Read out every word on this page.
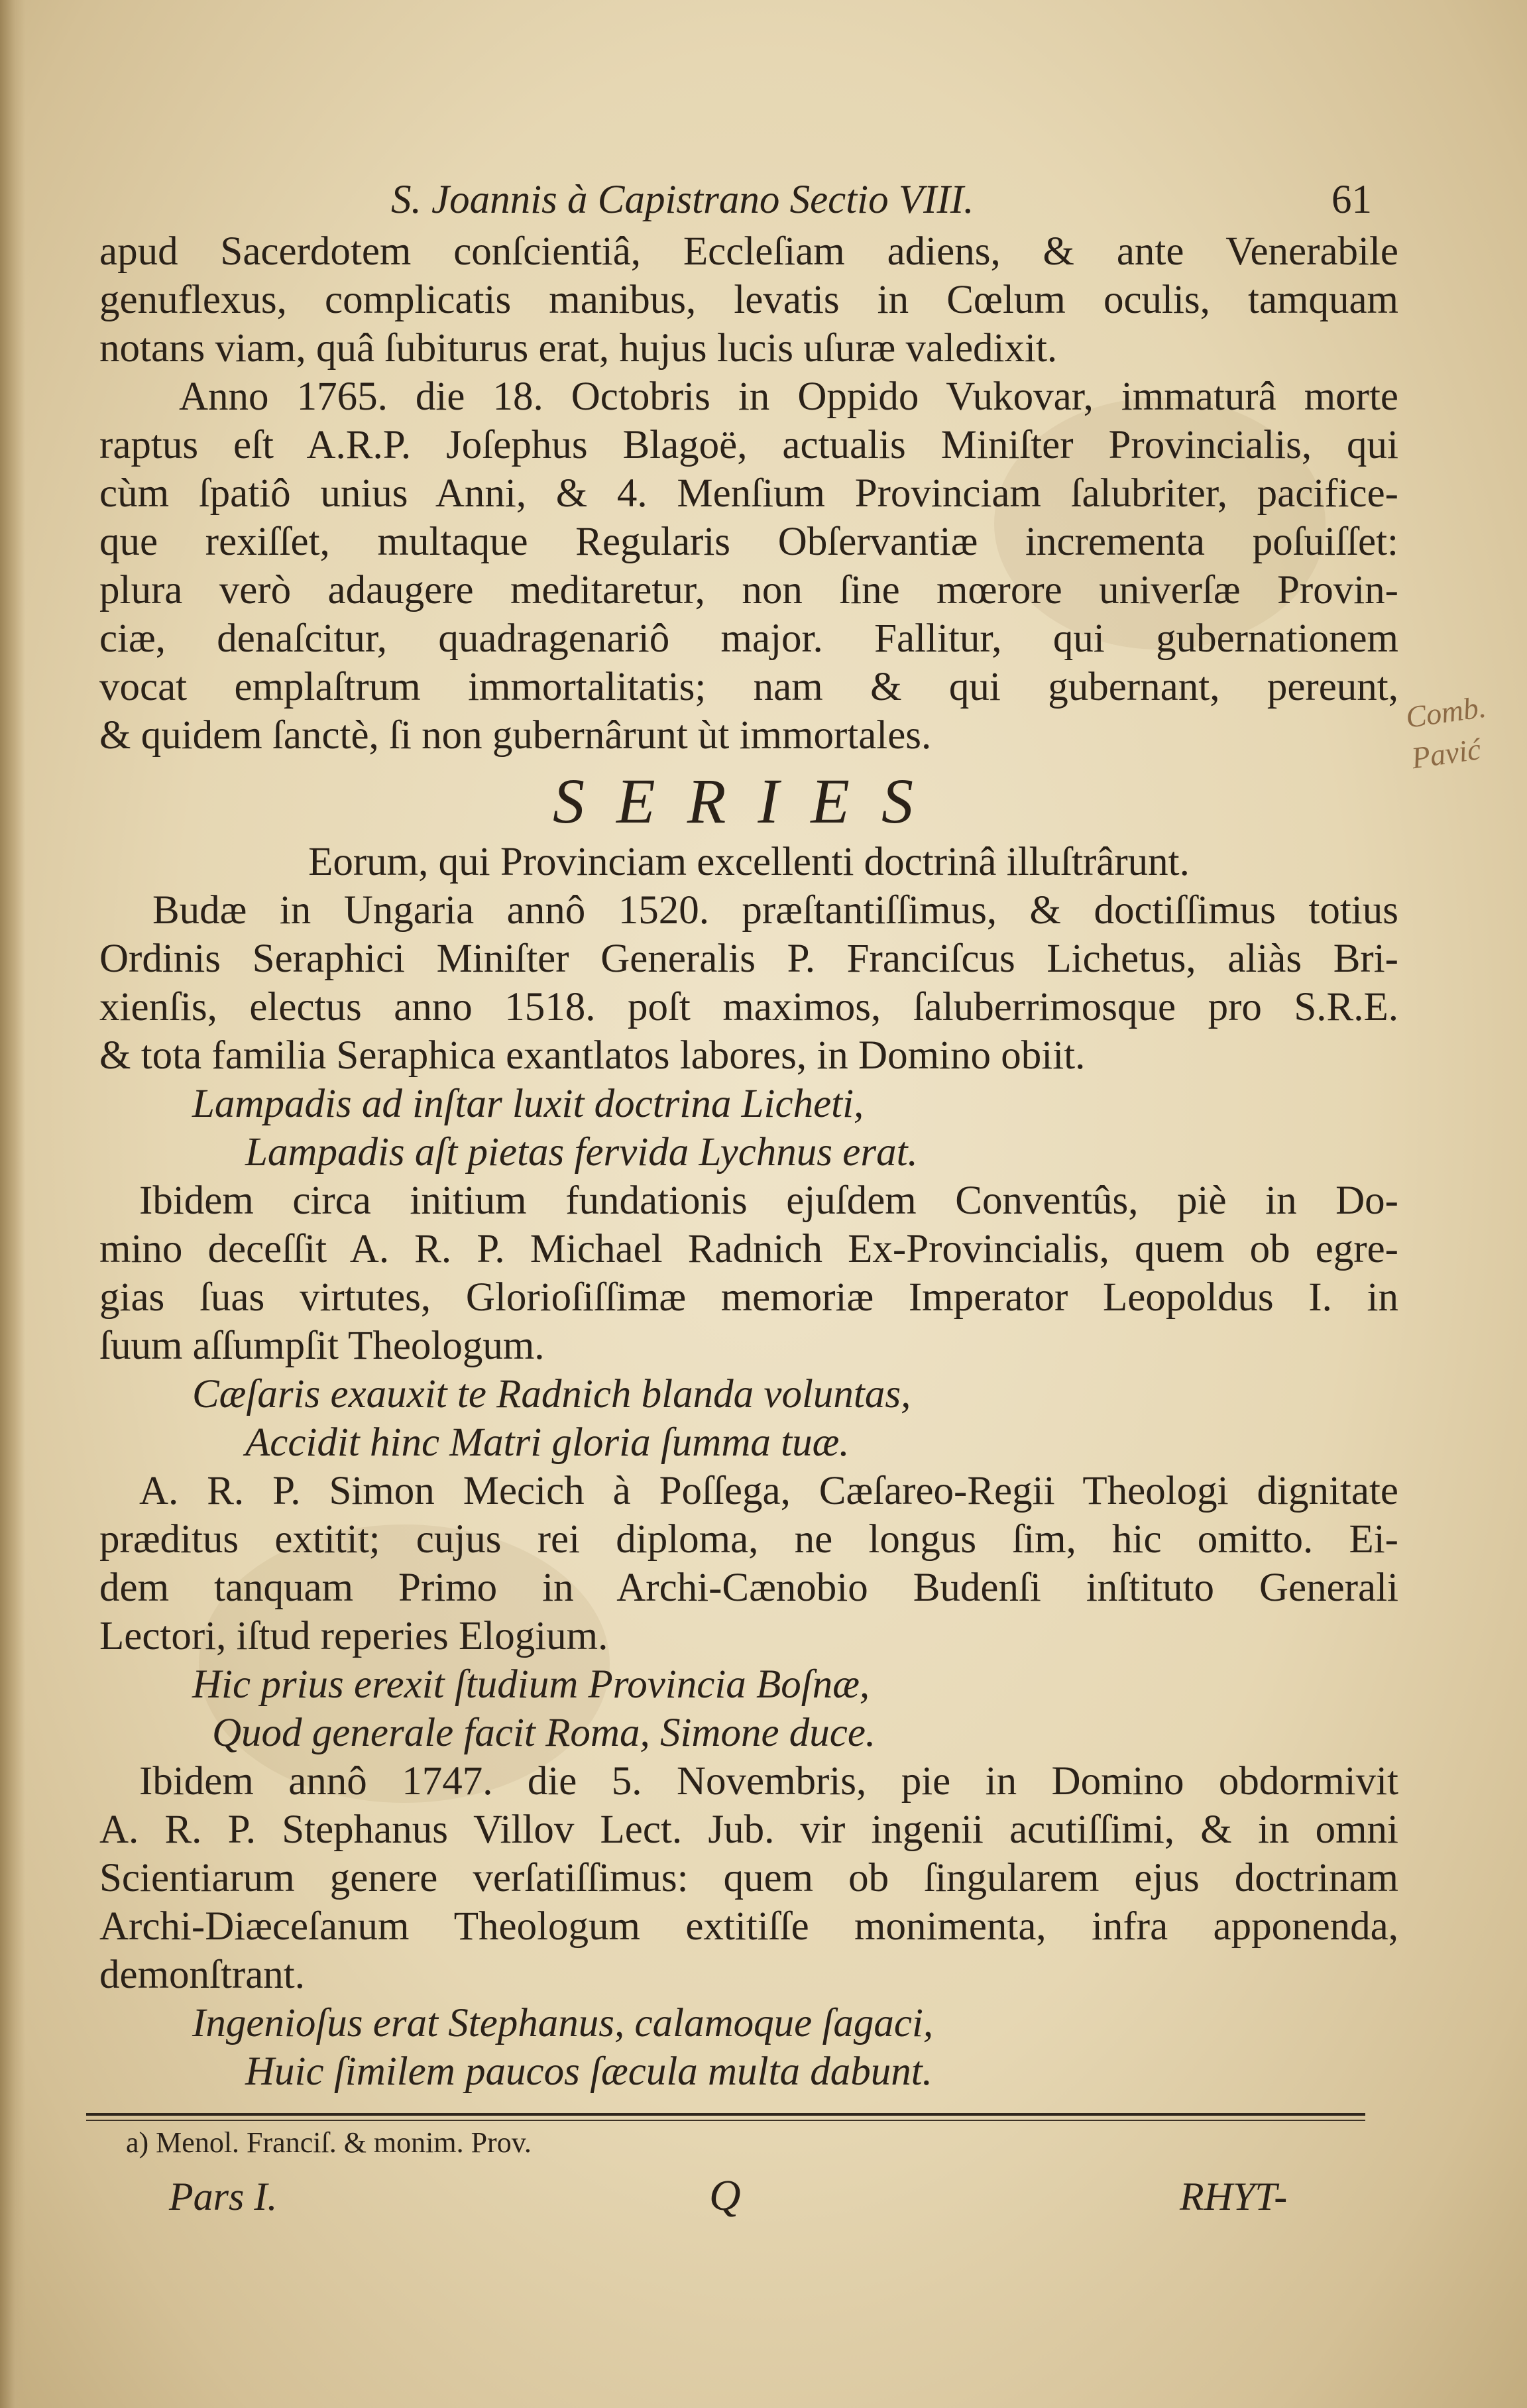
S. Joannis à Capistrano Sectio VIII.	61
apud Sacerdotem conſcientiâ, Eccleſiam adiens, & ante Venerabile
genuflexus, complicatis manibus, levatis in Cœlum oculis, tamquam
notans viam, quâ ſubiturus erat, hujus lucis uſuræ valedixit.
Anno 1765. die 18. Octobris in Oppido Vukovar, immaturâ morte
raptus eſt A.R.P. Joſephus Blagoë, actualis Miniſter Provincialis, qui
cùm ſpatiô unius Anni, & 4. Menſium Provinciam ſalubriter, pacifice-
que rexiſſet, multaque Regularis Obſervantiæ incrementa poſuiſſet:
plura verò adaugere meditaretur, non ſine mœrore univerſæ Provin-
ciæ, denaſcitur, quadragenariô major. Fallitur, qui gubernationem
vocat emplaſtrum immortalitatis; nam & qui gubernant, pereunt,
& quidem ſanctè, ſi non gubernârunt ùt immortales.
SERIES
Eorum, qui Provinciam excellenti doctrinâ illuſtrârunt.
Budæ in Ungaria annô 1520. præſtantiſſimus, & doctiſſimus totius
Ordinis Seraphici Miniſter Generalis P. Franciſcus Lichetus, aliàs Bri-
xienſis, electus anno 1518. poſt maximos, ſaluberrimosque pro S.R.E.
& tota familia Seraphica exantlatos labores, in Domino obiit.
Lampadis ad inſtar luxit doctrina Licheti,
Lampadis aſt pietas fervida Lychnus erat.
Ibidem circa initium fundationis ejuſdem Conventûs, piè in Do-
mino deceſſit A. R. P. Michael Radnich Ex-Provincialis, quem ob egre-
gias ſuas virtutes, Glorioſiſſimæ memoriæ Imperator Leopoldus I. in
ſuum aſſumpſit Theologum.
Cæſaris exauxit te Radnich blanda voluntas,
Accidit hinc Matri gloria ſumma tuæ.
A. R. P. Simon Mecich à Poſſega, Cæſareo-Regii Theologi dignitate
præditus extitit; cujus rei diploma, ne longus ſim, hic omitto. Ei-
dem tanquam Primo in Archi-Cænobio Budenſi inſtituto Generali
Lectori, iſtud reperies Elogium.
Hic prius erexit ſtudium Provincia Boſnæ,
Quod generale facit Roma, Simone duce.
Ibidem annô 1747. die 5. Novembris, pie in Domino obdormivit
A. R. P. Stephanus Villov Lect. Jub. vir ingenii acutiſſimi, & in omni
Scientiarum genere verſatiſſimus: quem ob ſingularem ejus doctrinam
Archi-Diæceſanum Theologum extitiſſe monimenta, infra apponenda,
demonſtrant.
Ingenioſus erat Stephanus, calamoque ſagaci,
Huic ſimilem paucos ſæcula multa dabunt.
a) Menol. Franciſ. & monim. Prov.
Pars I.	Q	RHYT-
Comb. Pavić
